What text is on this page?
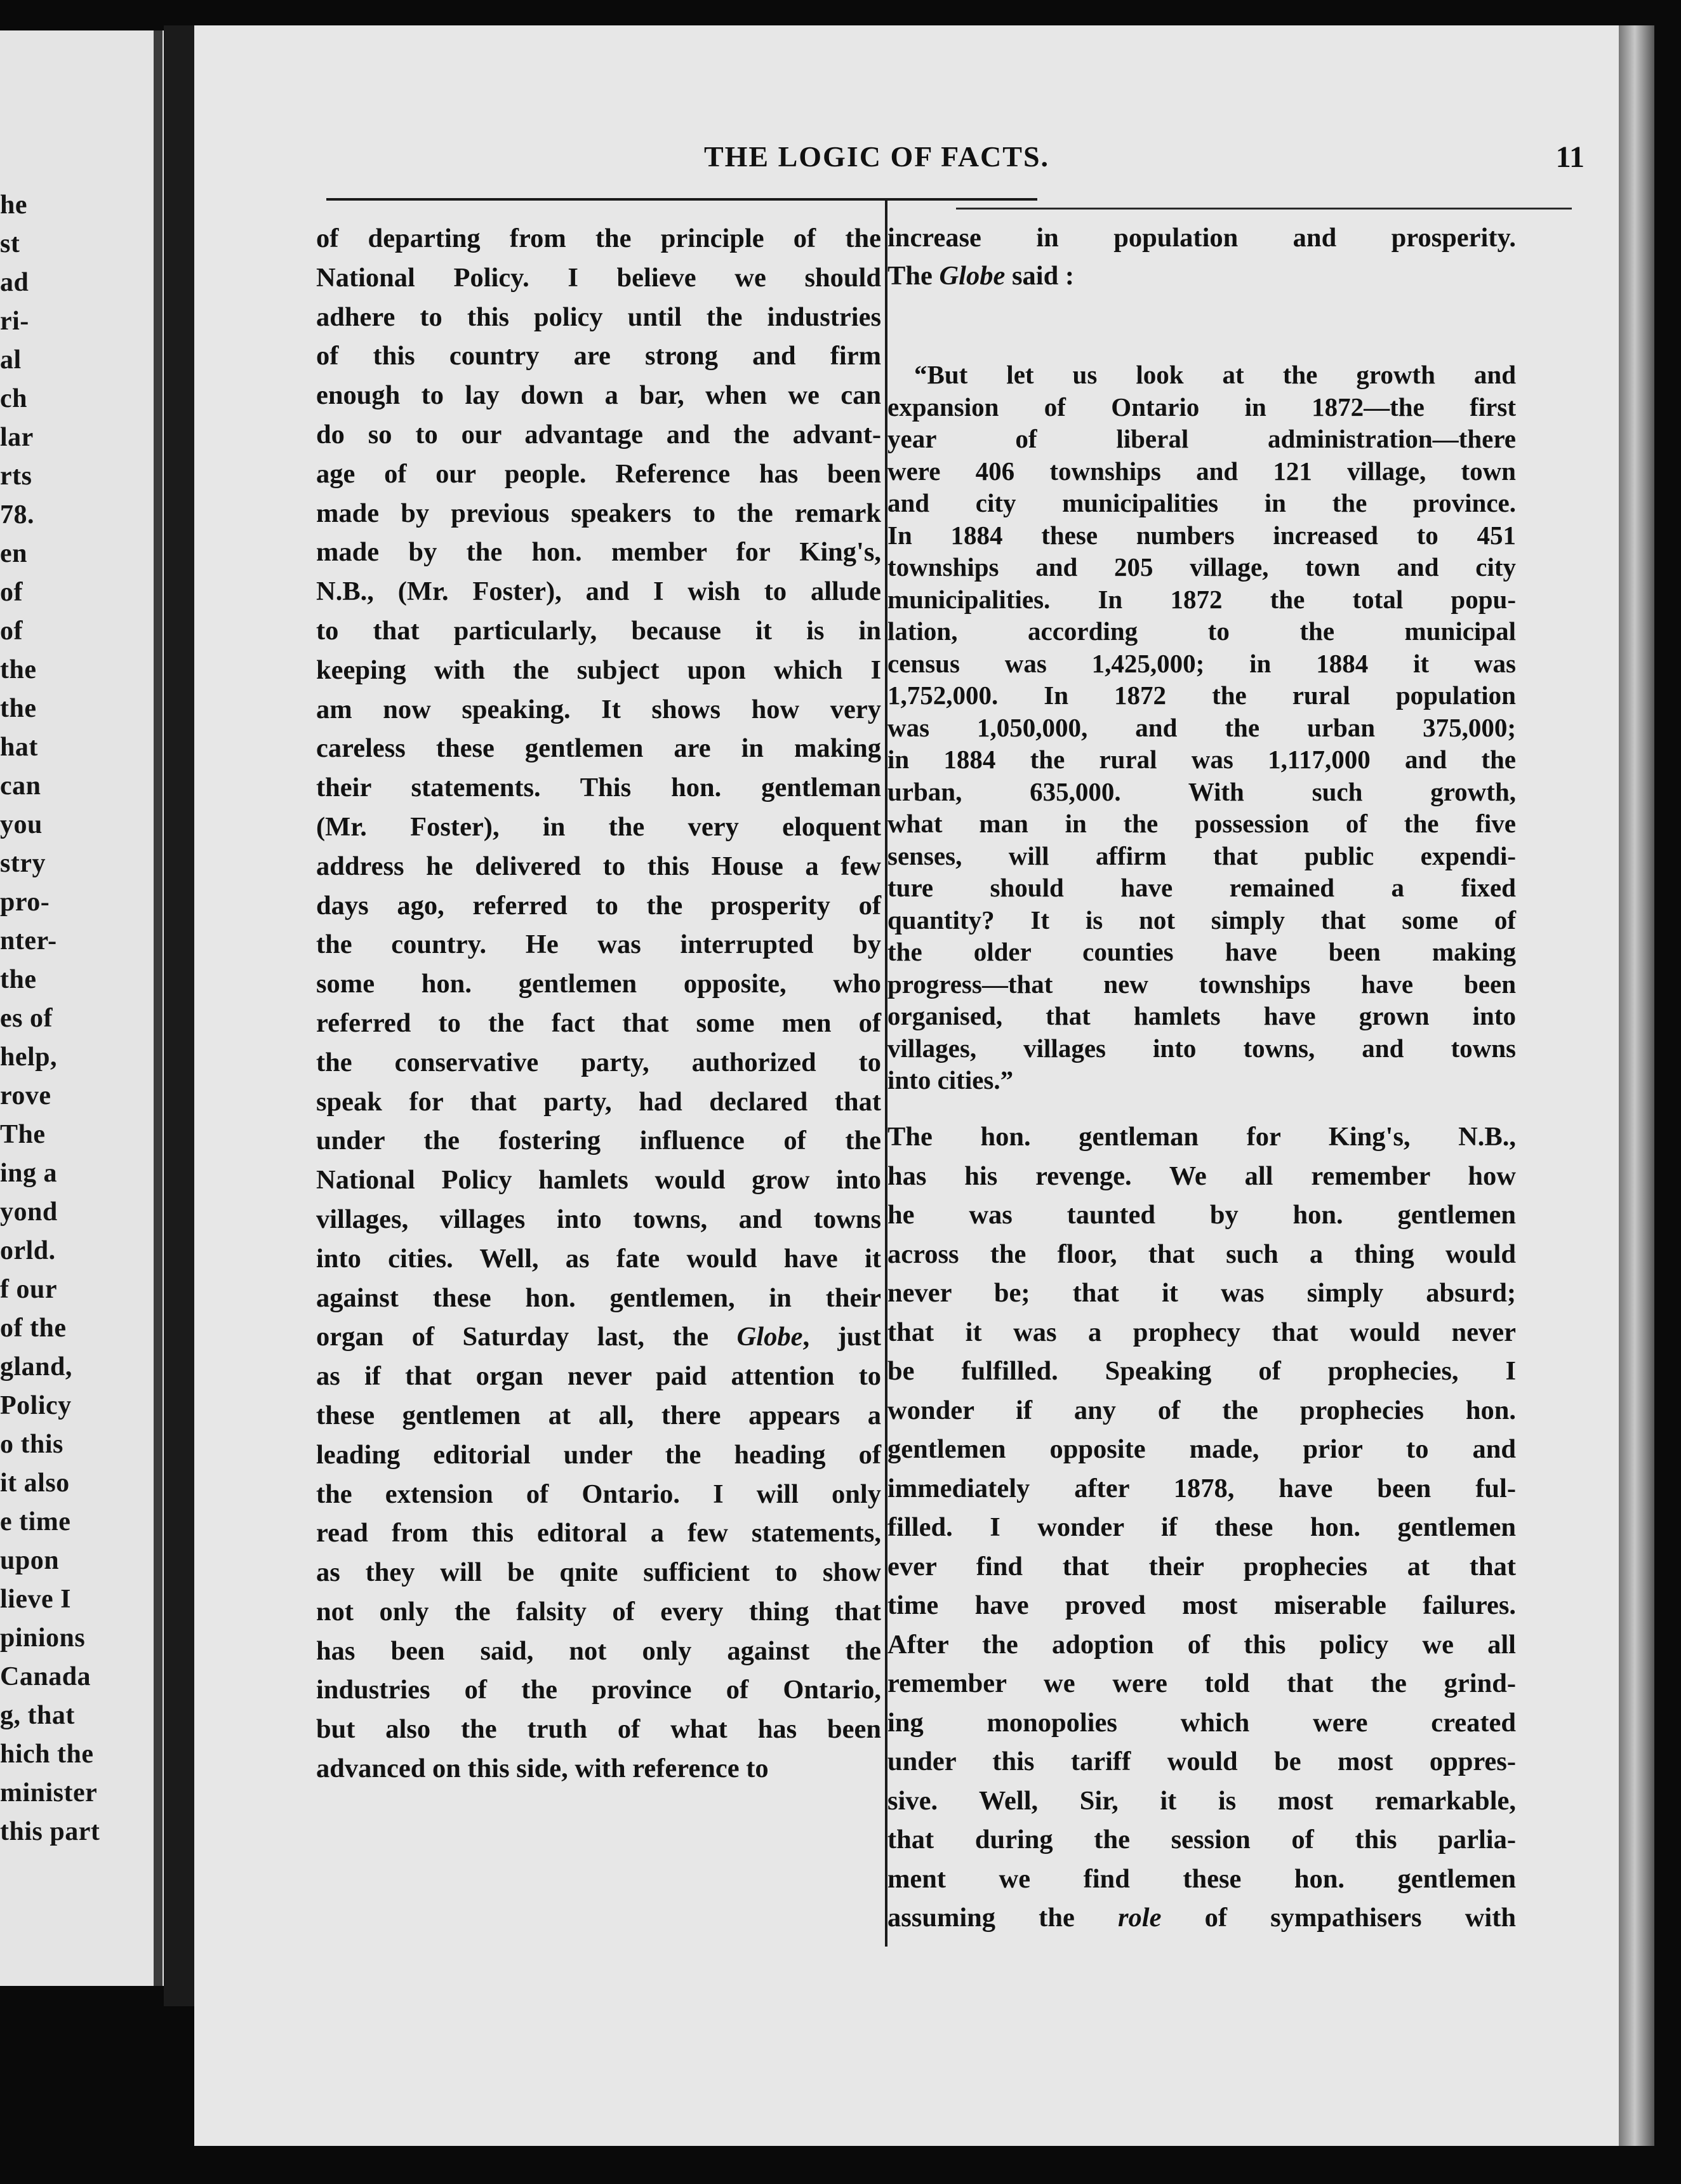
he
st
ad
ri-
al
ch
lar
rts
78.
en
of
of
the
the
hat
can
you
stry
pro-
nter-
the
es of
help,
rove
The
ing a
yond
orld.
f our
of the
gland,
Policy
o this
it also
e time
upon
lieve I
pinions
Canada
g, that
hich the
minister
this part
THE LOGIC OF FACTS.	11
of departing from the principle of the
National Policy. I believe we should
adhere to this policy until the industries
of this country are strong and firm
enough to lay down a bar, when we can
do so to our advantage and the advant-
age of our people. Reference has been
made by previous speakers to the remark
made by the hon. member for King's,
N.B., (Mr. Foster), and I wish to allude
to that particularly, because it is in
keeping with the subject upon which I
am now speaking. It shows how very
careless these gentlemen are in making
their statements. This hon. gentleman
(Mr. Foster), in the very eloquent
address he delivered to this House a few
days ago, referred to the prosperity of
the country. He was interrupted by
some hon. gentlemen opposite, who
referred to the fact that some men of
the conservative party, authorized to
speak for that party, had declared that
under the fostering influence of the
National Policy hamlets would grow into
villages, villages into towns, and towns
into cities. Well, as fate would have it
against these hon. gentlemen, in their
organ of Saturday last, the Globe, just
as if that organ never paid attention to
these gentlemen at all, there appears a
leading editorial under the heading of
the extension of Ontario. I will only
read from this editoral a few statements,
as they will be qnite sufficient to show
not only the falsity of every thing that
has been said, not only against the
industries of the province of Ontario,
but also the truth of what has been
advanced on this side, with reference to
increase in population and prosperity.
The Globe said :
“But let us look at the growth and
expansion of Ontario in 1872—the first
year of liberal administration—there
were 406 townships and 121 village, town
and city municipalities in the province.
In 1884 these numbers increased to 451
townships and 205 village, town and city
municipalities. In 1872 the total popu-
lation, according to the municipal
census was 1,425,000; in 1884 it was
1,752,000. In 1872 the rural population
was 1,050,000, and the urban 375,000;
in 1884 the rural was 1,117,000 and the
urban, 635,000. With such growth,
what man in the possession of the five
senses, will affirm that public expendi-
ture should have remained a fixed
quantity? It is not simply that some of
the older counties have been making
progress—that new townships have been
organised, that hamlets have grown into
villages, villages into towns, and towns
into cities.”
The hon. gentleman for King's, N.B.,
has his revenge. We all remember how
he was taunted by hon. gentlemen
across the floor, that such a thing would
never be; that it was simply absurd;
that it was a prophecy that would never
be fulfilled. Speaking of prophecies, I
wonder if any of the prophecies hon.
gentlemen opposite made, prior to and
immediately after 1878, have been ful-
filled. I wonder if these hon. gentlemen
ever find that their prophecies at that
time have proved most miserable failures.
After the adoption of this policy we all
remember we were told that the grind-
ing monopolies which were created
under this tariff would be most oppres-
sive. Well, Sir, it is most remarkable,
that during the session of this parlia-
ment we find these hon. gentlemen
assuming the role of sympathisers with
